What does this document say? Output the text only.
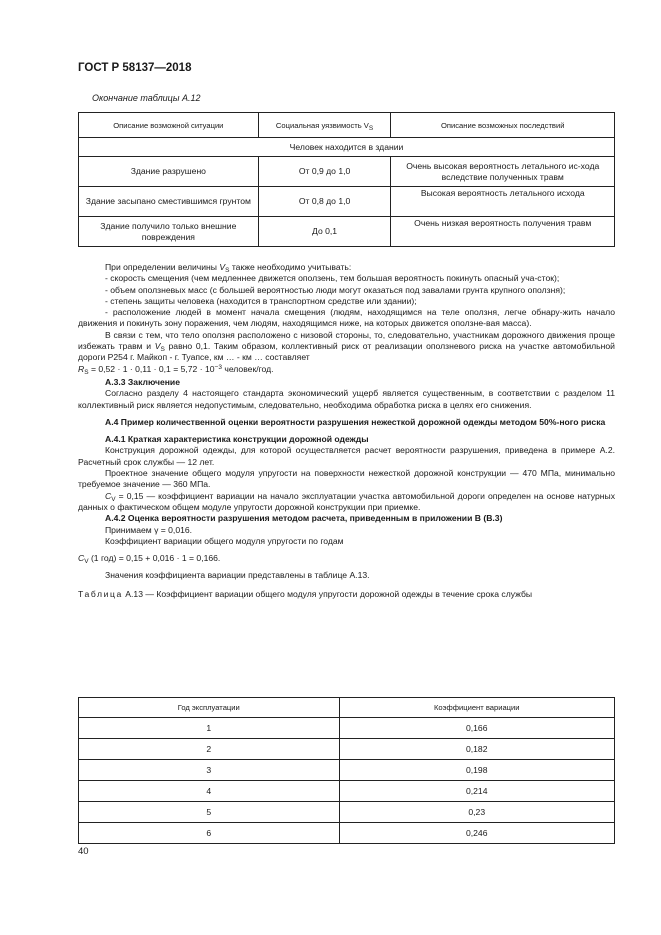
ГОСТ Р 58137—2018
Окончание таблицы А.12
Описание возможной ситуации	Социальная уязвимость $V_S$	Описание возможных последствий
Человек находится в здании		
Здание разрушено	От 0,9 до 1,0	Очень высокая вероятность летального ис-ходa вследствие полученных травм
Здание засыпано сместившимся грунтом	От 0,8 до 1,0	Высокая вероятность летального исхода
Здание получило только внешние повреждения	До 0,1	Очень низкая вероятность получения травм

При определении величины $V_S$ также необходимо учитывать:

- скорость смещения (чем медленнее движется оползень, тем большая вероятность покинуть опасный уча-сток);

- объем оползневых масс (с большей вероятностью люди могут оказаться под завалами грунта крупного оползня);

- степень защиты человека (находится в транспортном средстве или здании);

- расположение людей в момент начала смещения (людям, находящимся на теле оползня, легче обнару-жить начало движения и покинуть зону поражения, чем людям, находящимся ниже, на которых движется оползне-вая масса).

В связи с тем, что тело оползня расположено с низовой стороны, то, следовательно, участникам дорожного движения проще избежать травм и $V_S$ равно 0,1. Таким образом, коллективный риск от реализации оползневого риска на участке автомобильной дороги Р254 г. Майкоп - г. Туапсе, км … - км … составляет

$R_S = 0,52 \cdot 1 \cdot 0,11 \cdot 0,1 = 5,72 \cdot 10^{-3}$ человек/год.

А.3.3 Заключение

Согласно разделу 4 настоящего стандарта экономический ущерб является существенным, в соответствии с разделом 11 коллективный риск является недопустимым, следовательно, необходима обработка риска в целях его снижения.

А.4 Пример количественной оценки вероятности разрушения нежесткой дорожной одежды методом 50%-ного риска

А.4.1 Краткая характеристика конструкции дорожной одежды

Конструкция дорожной одежды, для которой осуществляется расчет вероятности разрушения, приведена в примере А.2. Расчетный срок службы — 12 лет.

Проектное значение общего модуля упругости на поверхности нежесткой дорожной конструкции — 470 МПа, минимально требуемое значение — 360 МПа.

$C_V = 0,15$ — коэффициент вариации на начало эксплуатации участка автомобильной дороги определен на основе натурных данных о фактическом общем модуле упругости дорожной конструкции при приемке.

А.4.2 Оценка вероятности разрушения методом расчета, приведенным в приложении В (В.3)

Принимаем γ = 0,016.

Коэффициент вариации общего модуля упругости по годам

$C_V$ (1 год) = 0,15 + 0,016 · 1 = 0,166.

Значения коэффициента вариации представлены в таблице А.13.

Таблица А.13 — Коэффициент вариации общего модуля упругости дорожной одежды в течение срока службы

Год эксплуатации	Коэффициент вариации
1	0,166
2	0,182
3	0,198
4	0,214
5	0,23
6	0,246
40
